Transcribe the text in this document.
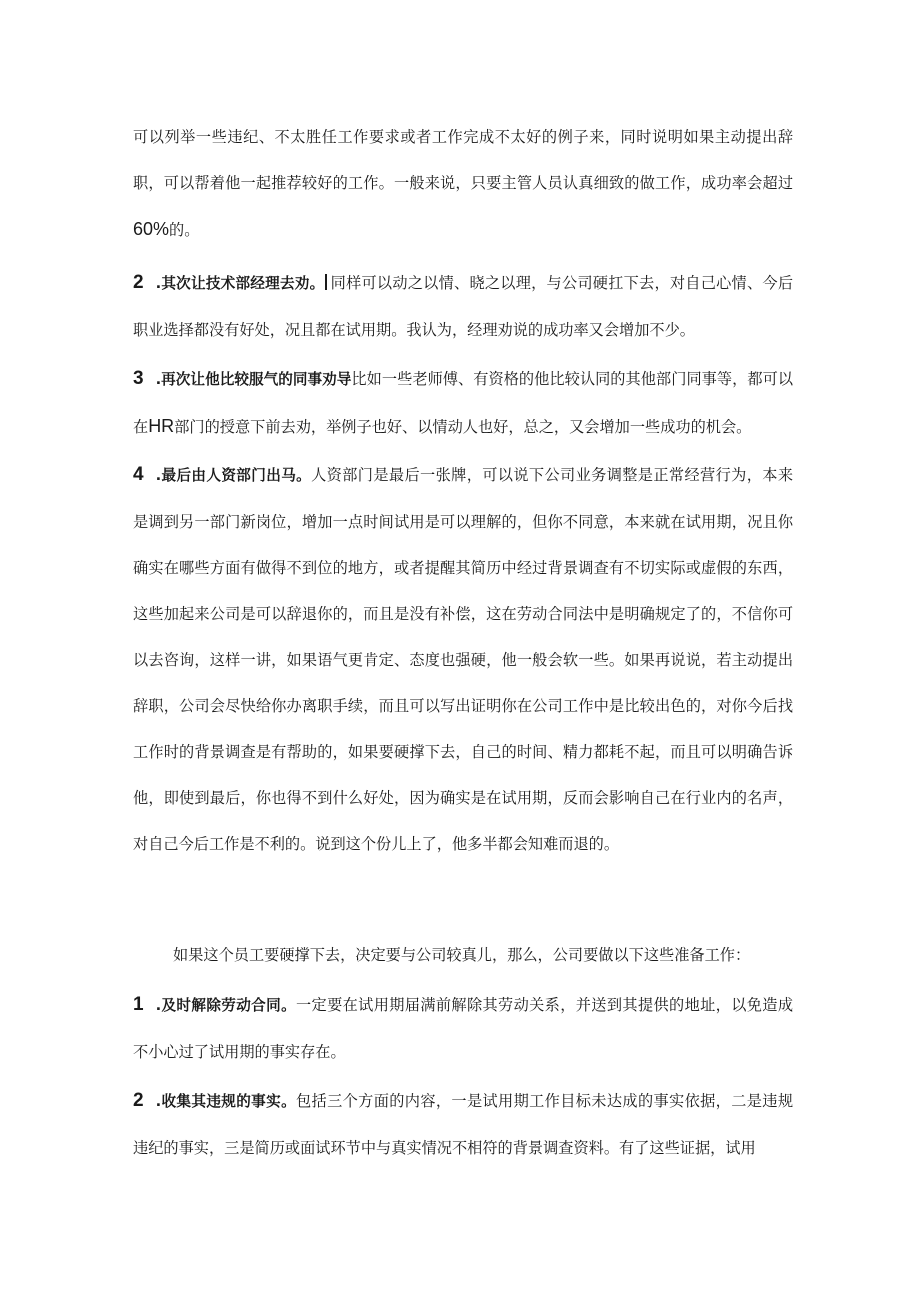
可以列举一些违纪、不太胜任工作要求或者工作完成不太好的例子来，同时说明如果主动提出辞职，可以帮着他一起推荐较好的工作。一般来说，只要主管人员认真细致的做工作，成功率会超过60%的。

2 .其次让技术部经理去劝。 同样可以动之以情、晓之以理，与公司硬扛下去，对自己心情、今后职业选择都没有好处，况且都在试用期。我认为，经理劝说的成功率又会增加不少。

3 .再次让他比较服气的同事劝导比如一些老师傅、有资格的他比较认同的其他部门同事等，都可以在HR部门的授意下前去劝，举例子也好、以情动人也好，总之，又会增加一些成功的机会。

4 .最后由人资部门出马。人资部门是最后一张牌，可以说下公司业务调整是正常经营行为，本来是调到另一部门新岗位，增加一点时间试用是可以理解的，但你不同意，本来就在试用期，况且你确实在哪些方面有做得不到位的地方，或者提醒其简历中经过背景调查有不切实际或虚假的东西，这些加起来公司是可以辞退你的，而且是没有补偿，这在劳动合同法中是明确规定了的，不信你可以去咨询，这样一讲，如果语气更肯定、态度也强硬，他一般会软一些。如果再说说，若主动提出辞职，公司会尽快给你办离职手续，而且可以写出证明你在公司工作中是比较出色的，对你今后找工作时的背景调查是有帮助的，如果要硬撑下去，自己的时间、精力都耗不起，而且可以明确告诉他，即使到最后，你也得不到什么好处，因为确实是在试用期，反而会影响自己在行业内的名声，对自己今后工作是不利的。说到这个份儿上了，他多半都会知难而退的。

如果这个员工要硬撑下去，决定要与公司较真儿，那么，公司要做以下这些准备工作：

1 .及时解除劳动合同。一定要在试用期届满前解除其劳动关系，并送到其提供的地址，以免造成不小心过了试用期的事实存在。

2 .收集其违规的事实。包括三个方面的内容，一是试用期工作目标未达成的事实依据，二是违规违纪的事实，三是简历或面试环节中与真实情况不相符的背景调查资料。有了这些证据，试用
